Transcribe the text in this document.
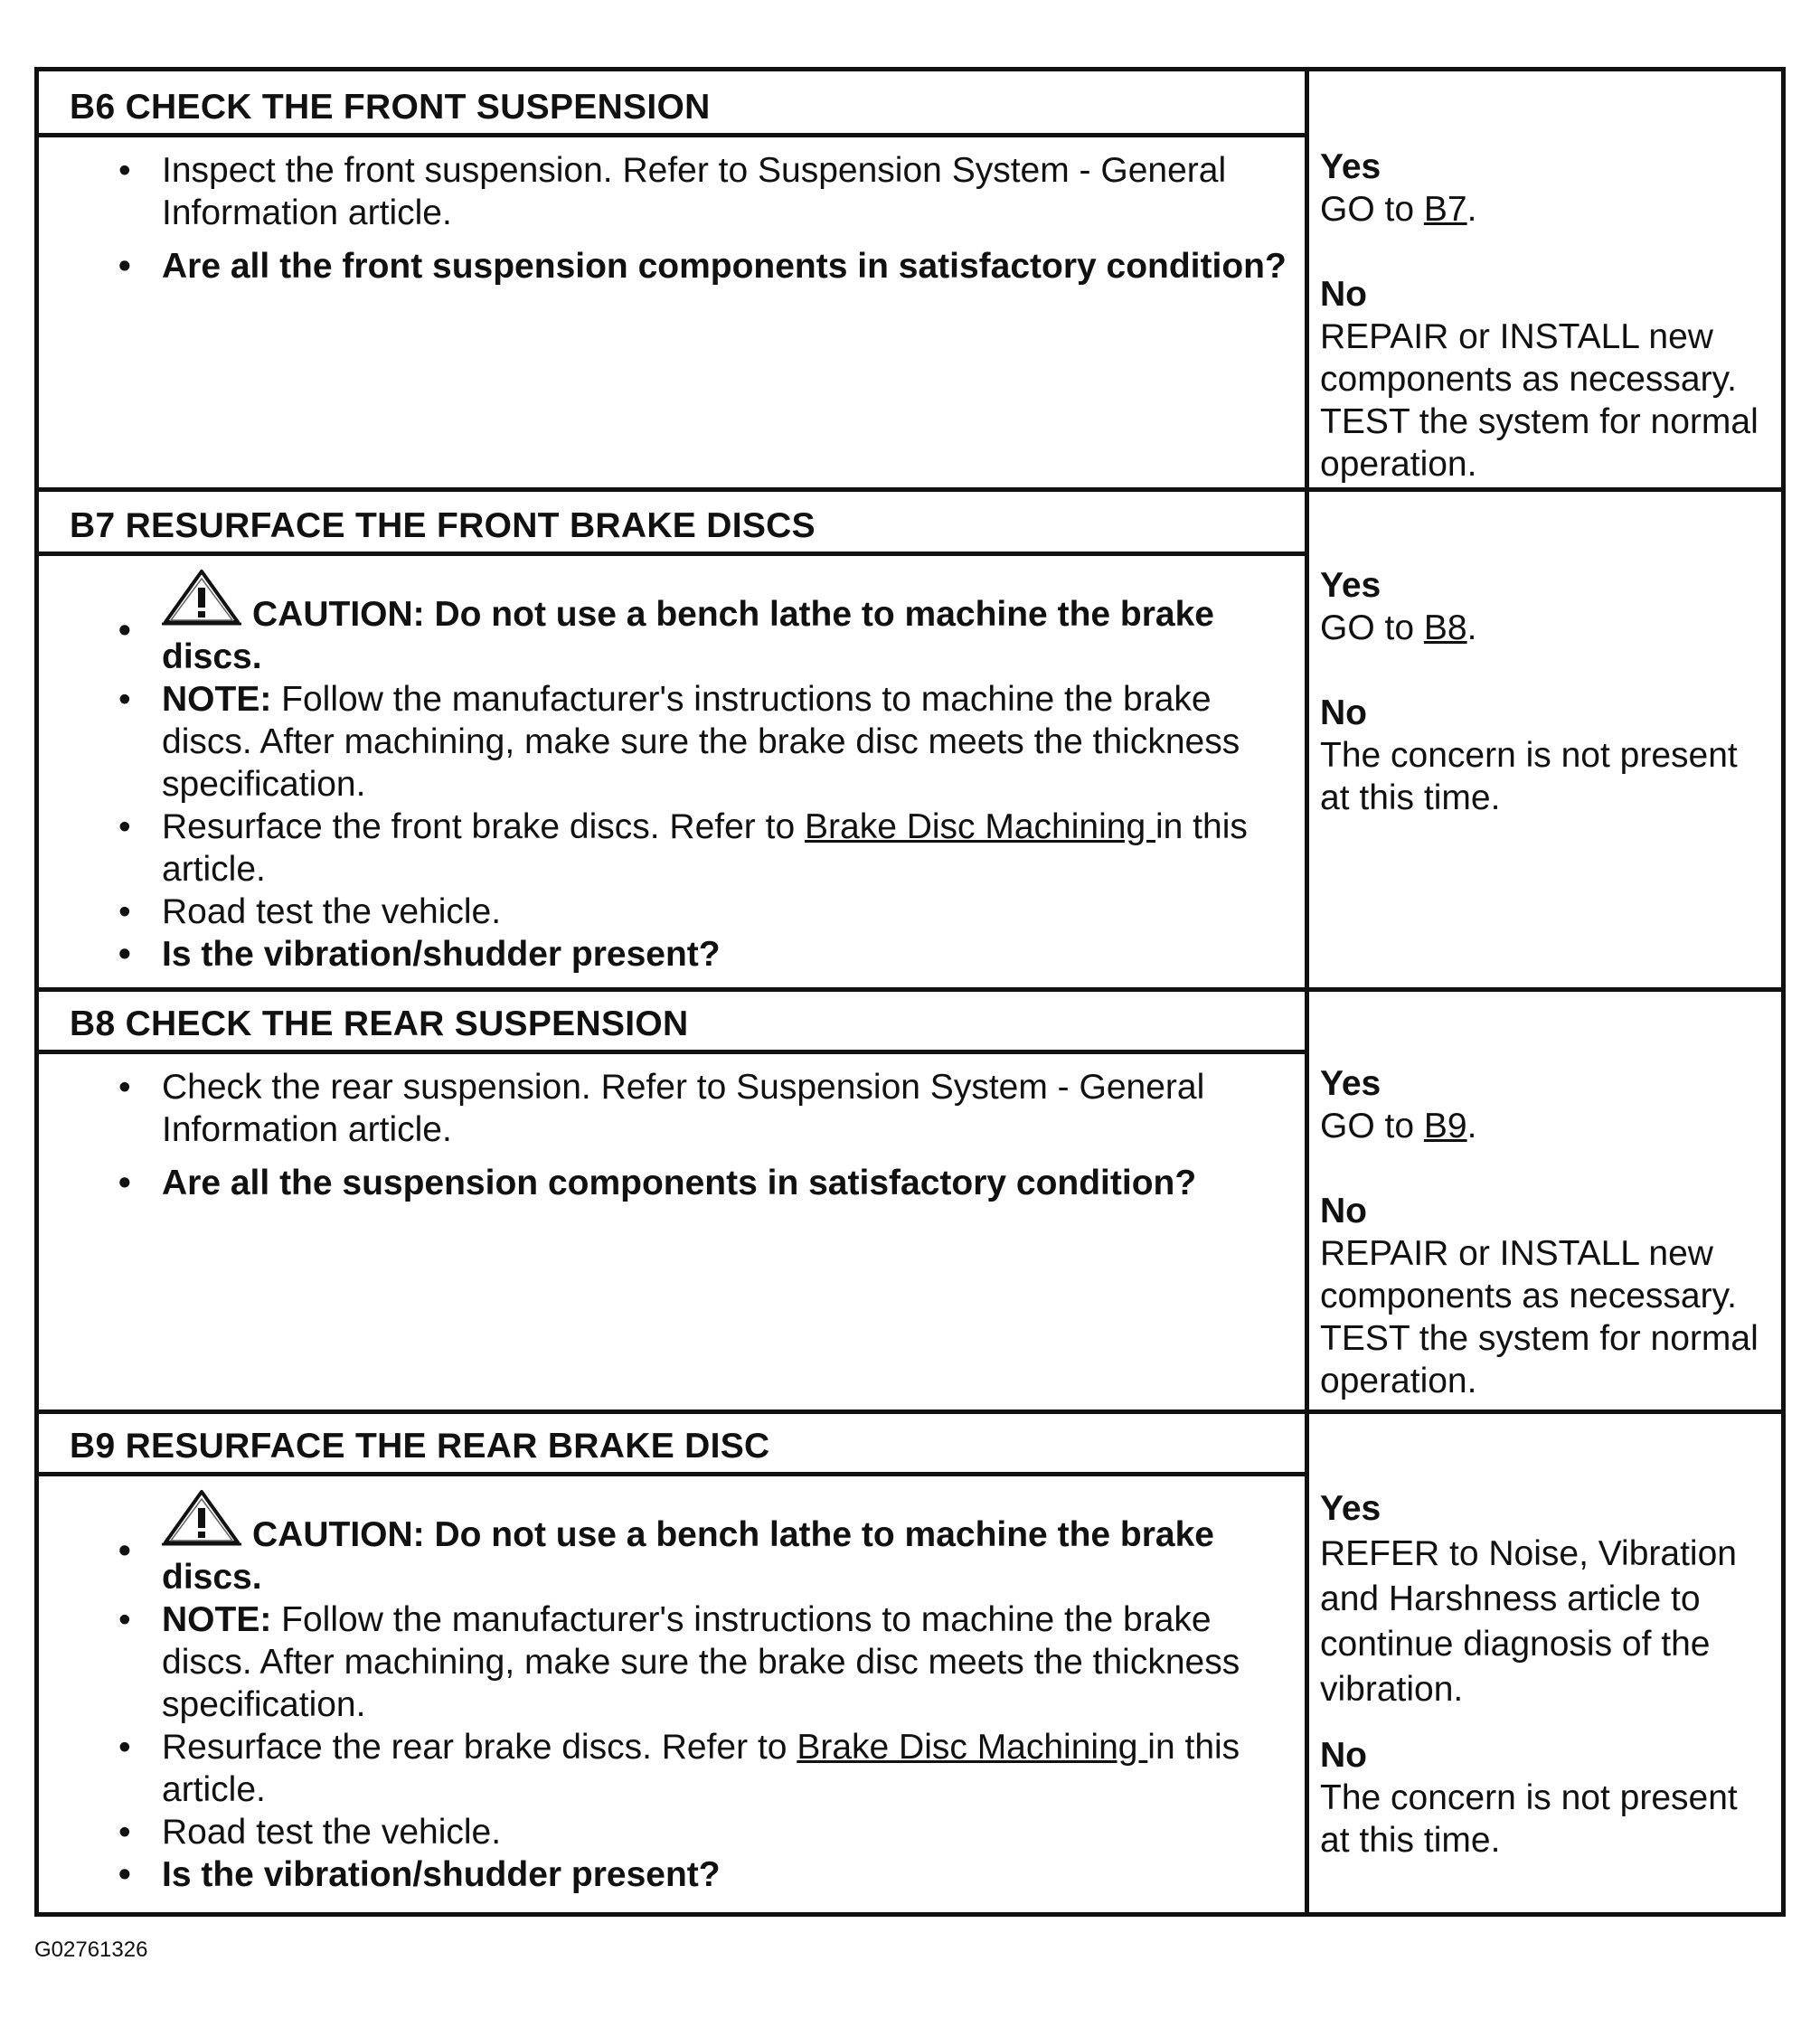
B6 CHECK THE FRONT SUSPENSION
• Inspect the front suspension. Refer to Suspension System - General Information article.
• Are all the front suspension components in satisfactory condition?
Yes
GO to B7.
No
REPAIR or INSTALL new components as necessary. TEST the system for normal operation.
B7 RESURFACE THE FRONT BRAKE DISCS
•	CAUTION: Do not use a bench lathe to machine the brake discs.
• NOTE: Follow the manufacturer's instructions to machine the brake discs. After machining, make sure the brake disc meets the thickness specification.
• Resurface the front brake discs. Refer to Brake Disc Machining in this article.
• Road test the vehicle.
• Is the vibration/shudder present?
Yes
GO to B8.
No
The concern is not present at this time.
B8 CHECK THE REAR SUSPENSION
• Check the rear suspension. Refer to Suspension System - General Information article.
• Are all the suspension components in satisfactory condition?
Yes
GO to B9.
No
REPAIR or INSTALL new components as necessary. TEST the system for normal operation.
B9 RESURFACE THE REAR BRAKE DISC
•	CAUTION: Do not use a bench lathe to machine the brake discs.
• NOTE: Follow the manufacturer's instructions to machine the brake discs. After machining, make sure the brake disc meets the thickness specification.
• Resurface the rear brake discs. Refer to Brake Disc Machining in this article.
• Road test the vehicle.
• Is the vibration/shudder present?
Yes
REFER to Noise, Vibration and Harshness article to continue diagnosis of the vibration.
No
The concern is not present at this time.
G02761326
